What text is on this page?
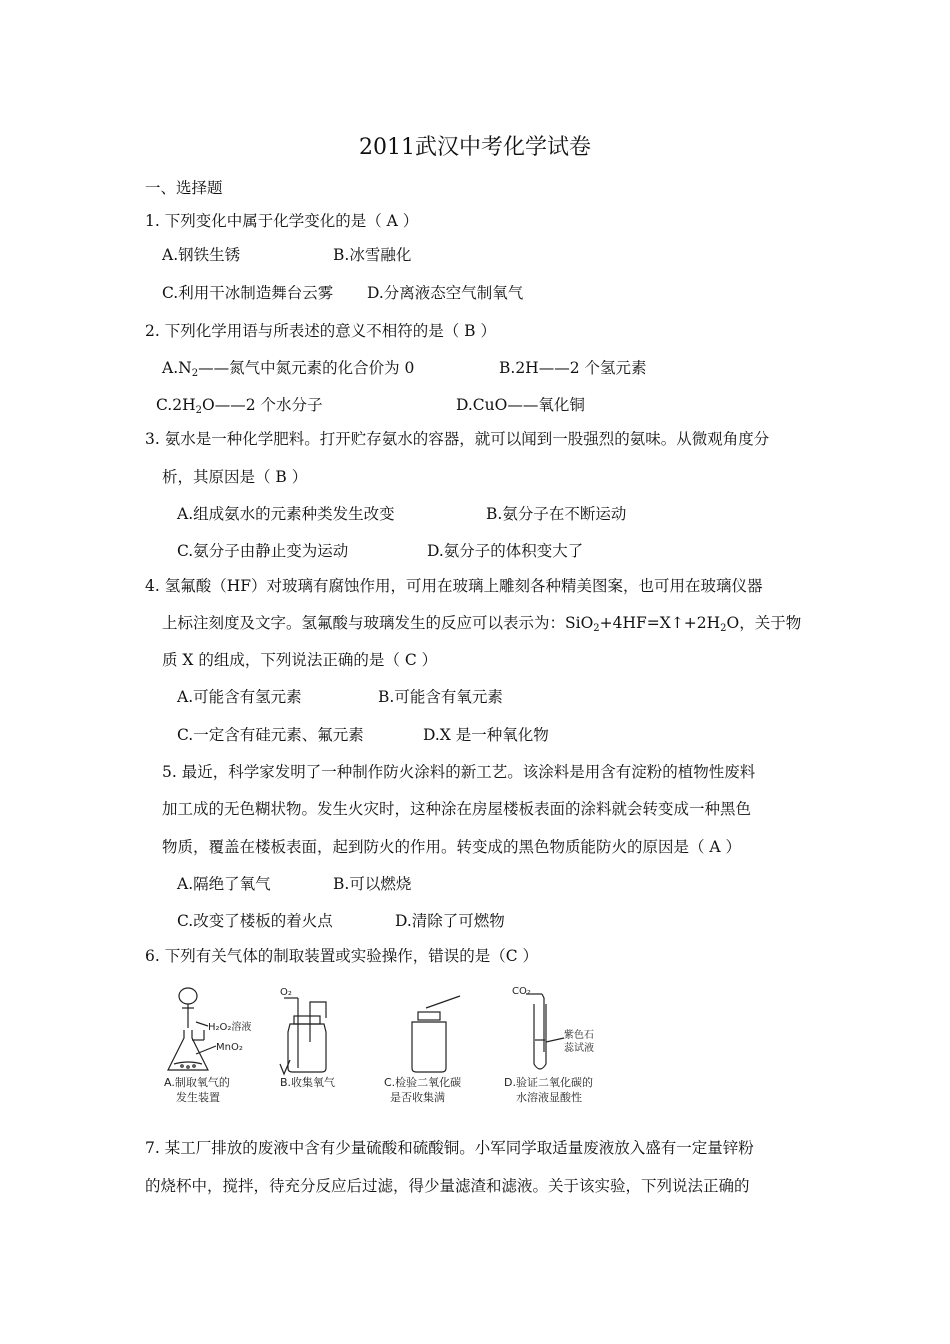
2011武汉中考化学试卷
一、选择题
1. 下列变化中属于化学变化的是（ A ）
A.钢铁生锈	B.冰雪融化
C.利用干冰制造舞台云雾 D.分离液态空气制氧气
2. 下列化学用语与所表述的意义不相符的是（ B ）
$A.N_2——$氮气中氮元素的化合价为 0	B.2H——2 个氢元素
$C.2H_2O——2$ 个水分子	D.CuO——氧化铜
3. 氨水是一种化学肥料。打开贮存氨水的容器，就可以闻到一股强烈的氨味。从微观角度分
析，其原因是（ B ）
A.组成氨水的元素种类发生改变	B.氨分子在不断运动
C.氨分子由静止变为运动	D.氨分子的体积变大了
4. 氢氟酸（HF）对玻璃有腐蚀作用，可用在玻璃上雕刻各种精美图案，也可用在玻璃仪器
上标注刻度及文字。氢氟酸与玻璃发生的反应可以表示为：$SiO_2+4HF=X↑+2H_2O$，关于物
质 X 的组成，下列说法正确的是（ C ）
A.可能含有氢元素	B.可能含有氧元素
C.一定含有硅元素、氟元素	D.X 是一种氧化物
5. 最近，科学家发明了一种制作防火涂料的新工艺。该涂料是用含有淀粉的植物性废料
加工成的无色糊状物。发生火灾时，这种涂在房屋楼板表面的涂料就会转变成一种黑色
物质，覆盖在楼板表面，起到防火的作用。转变成的黑色物质能防火的原因是（ A ）
A.隔绝了氧气	B.可以燃烧
C.改变了楼板的着火点	D.清除了可燃物
6. 下列有关气体的制取装置或实验操作，错误的是（C ）
H₂O₂溶液
MnO₂
A.制取氧气的
发生装置
O₂
B.收集氧气	C.检验二氧化碳
是否收集满
CO₂
紫色石
蕊试液
D.验证二氧化碳的
水溶液显酸性
7. 某工厂排放的废液中含有少量硫酸和硫酸铜。小军同学取适量废液放入盛有一定量锌粉
的烧杯中，搅拌，待充分反应后过滤，得少量滤渣和滤液。关于该实验，下列说法正确的
